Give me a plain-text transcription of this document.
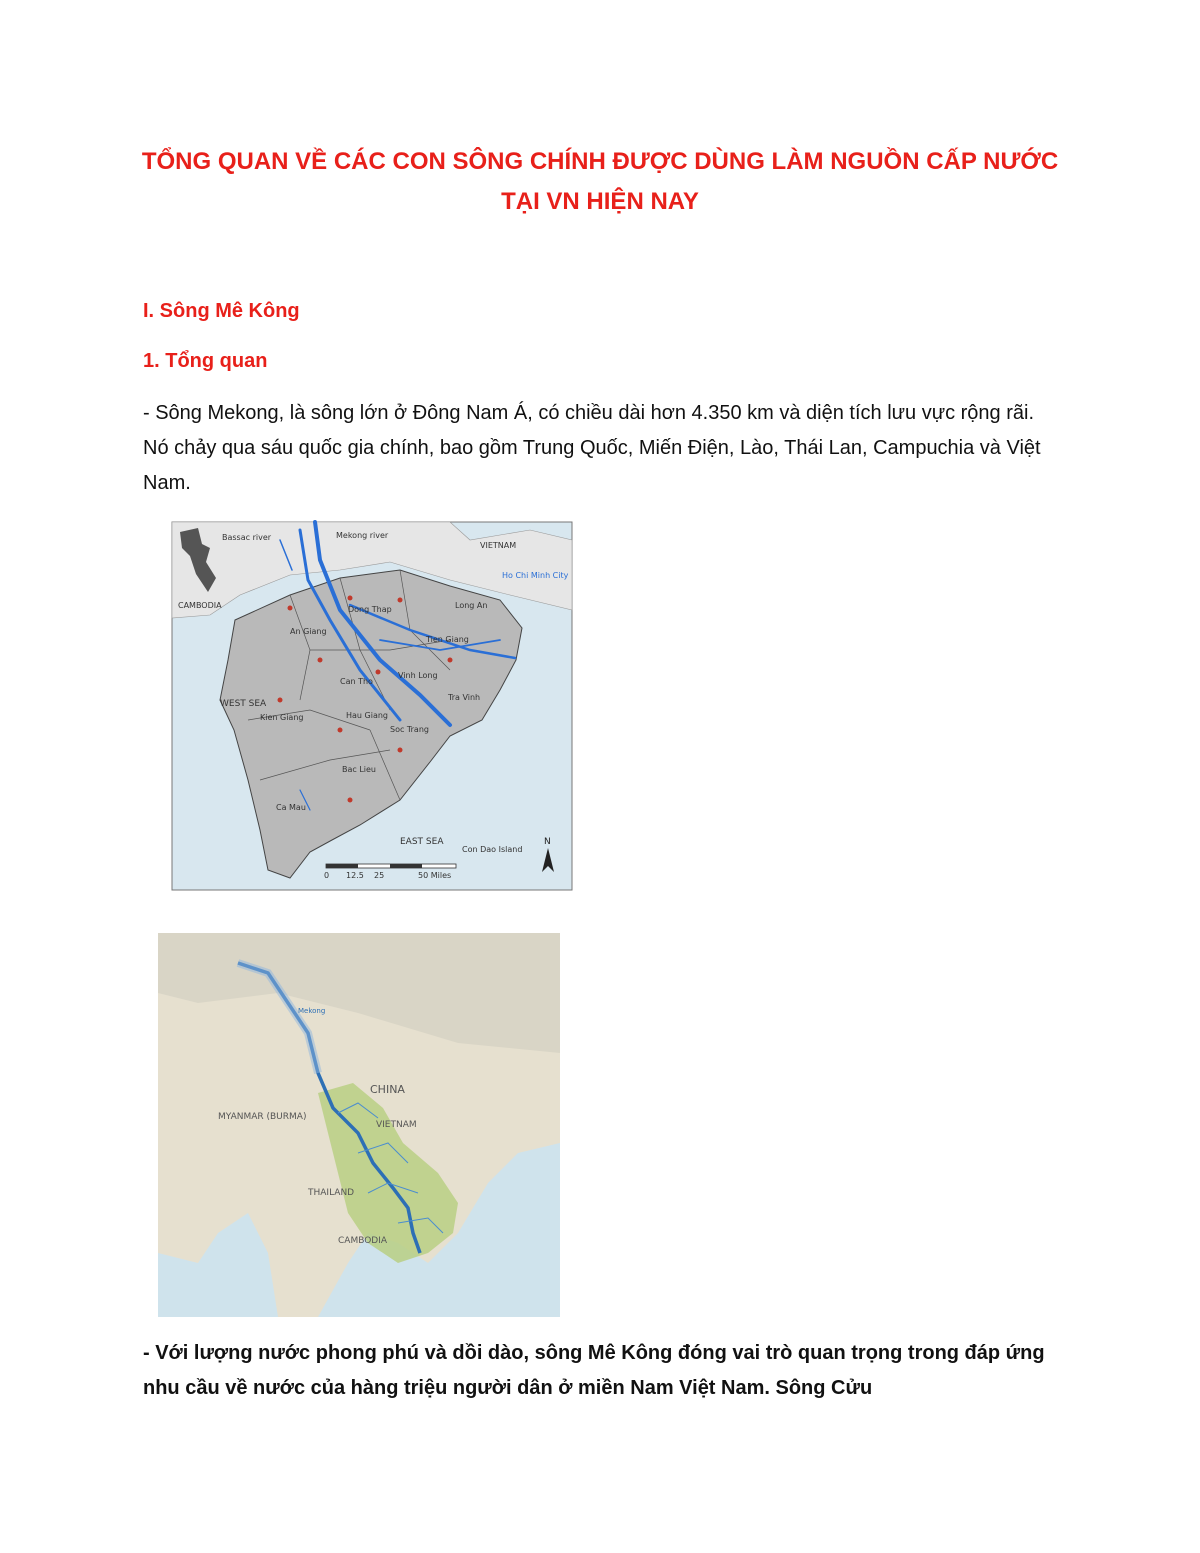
TỔNG QUAN VỀ CÁC CON SÔNG CHÍNH ĐƯỢC DÙNG LÀM NGUỒN CẤP NƯỚC TẠI VN HIỆN NAY
I. Sông Mê Kông
1. Tổng quan
- Sông Mekong, là sông lớn ở Đông Nam Á, có chiều dài hơn 4.350 km và diện tích lưu vực rộng rãi. Nó chảy qua sáu quốc gia chính, bao gồm Trung Quốc, Miến Điện, Lào, Thái Lan, Campuchia và Việt Nam.
Bassac river	Mekong river
VIETNAM
CAMBODIA
Ho Chi Minh City
Dong Thap	Long An
An Giang
Tien Giang
Can Tho
Vinh Long
Tra Vinh
WEST SEA
Kien Giang	Hau Giang
Soc Trang
Bac Lieu
Ca Mau
EAST SEA
Con Dao Island
0 12.5 25	50 Miles
N
CHINA
MYANMAR (BURMA)
VIETNAM
THAILAND
CAMBODIA
Mekong
- Với lượng nước phong phú và dồi dào, sông Mê Kông đóng vai trò quan trọng trong đáp ứng nhu cầu về nước của hàng triệu người dân ở miền Nam Việt Nam. Sông Cửu
